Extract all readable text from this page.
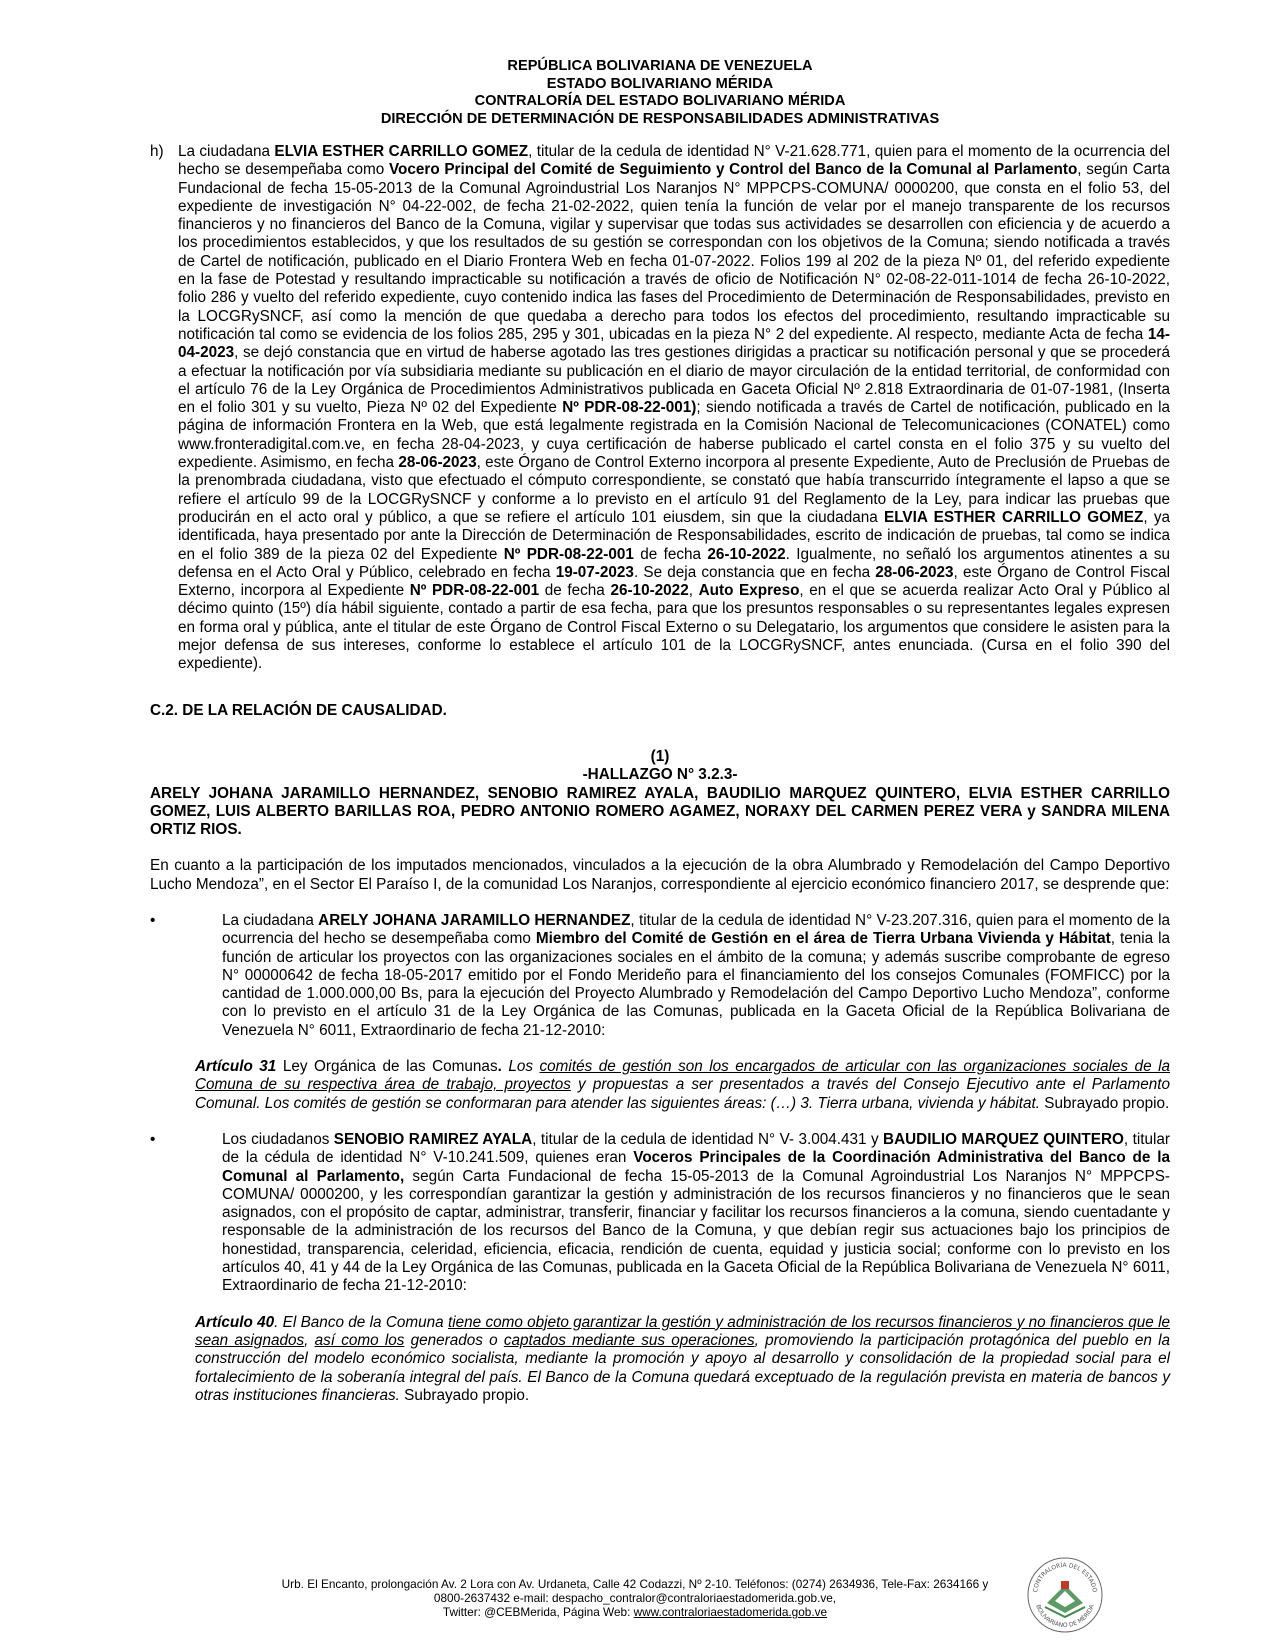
REPÚBLICA BOLIVARIANA DE VENEZUELA
ESTADO BOLIVARIANO MÉRIDA
CONTRALORÍA DEL ESTADO BOLIVARIANO MÉRIDA
DIRECCIÓN DE DETERMINACIÓN DE RESPONSABILIDADES ADMINISTRATIVAS
h) La ciudadana ELVIA ESTHER CARRILLO GOMEZ, titular de la cedula de identidad N° V-21.628.771, quien para el momento de la ocurrencia del hecho se desempeñaba como Vocero Principal del Comité de Seguimiento y Control del Banco de la Comunal al Parlamento, según Carta Fundacional de fecha 15-05-2013 de la Comunal Agroindustrial Los Naranjos N° MPPCPS-COMUNA/ 0000200, que consta en el folio 53, del expediente de investigación N° 04-22-002, de fecha 21-02-2022, quien tenía la función de velar por el manejo transparente de los recursos financieros y no financieros del Banco de la Comuna, vigilar y supervisar que todas sus actividades se desarrollen con eficiencia y de acuerdo a los procedimientos establecidos, y que los resultados de su gestión se correspondan con los objetivos de la Comuna; siendo notificada a través de Cartel de notificación, publicado en el Diario Frontera Web en fecha 01-07-2022. Folios 199 al 202 de la pieza Nº 01, del referido expediente en la fase de Potestad y resultando impracticable su notificación a través de oficio de Notificación N° 02-08-22-011-1014 de fecha 26-10-2022, folio 286 y vuelto del referido expediente, cuyo contenido indica las fases del Procedimiento de Determinación de Responsabilidades, previsto en la LOCGRySNCF, así como la mención de que quedaba a derecho para todos los efectos del procedimiento, resultando impracticable su notificación tal como se evidencia de los folios 285, 295 y 301, ubicadas en la pieza N° 2 del expediente. Al respecto, mediante Acta de fecha 14-04-2023, se dejó constancia que en virtud de haberse agotado las tres gestiones dirigidas a practicar su notificación personal y que se procederá a efectuar la notificación por vía subsidiaria mediante su publicación en el diario de mayor circulación de la entidad territorial, de conformidad con el artículo 76 de la Ley Orgánica de Procedimientos Administrativos publicada en Gaceta Oficial Nº 2.818 Extraordinaria de 01-07-1981, (Inserta en el folio 301 y su vuelto, Pieza Nº 02 del Expediente Nº PDR-08-22-001); siendo notificada a través de Cartel de notificación, publicado en la página de información Frontera en la Web, que está legalmente registrada en la Comisión Nacional de Telecomunicaciones (CONATEL) como www.fronteradigital.com.ve, en fecha 28-04-2023, y cuya certificación de haberse publicado el cartel consta en el folio 375 y su vuelto del expediente. Asimismo, en fecha 28-06-2023, este Órgano de Control Externo incorpora al presente Expediente, Auto de Preclusión de Pruebas de la prenombrada ciudadana, visto que efectuado el cómputo correspondiente, se constató que había transcurrido íntegramente el lapso a que se refiere el artículo 99 de la LOCGRySNCF y conforme a lo previsto en el artículo 91 del Reglamento de la Ley, para indicar las pruebas que producirán en el acto oral y público, a que se refiere el artículo 101 eiusdem, sin que la ciudadana ELVIA ESTHER CARRILLO GOMEZ, ya identificada, haya presentado por ante la Dirección de Determinación de Responsabilidades, escrito de indicación de pruebas, tal como se indica en el folio 389 de la pieza 02 del Expediente Nº PDR-08-22-001 de fecha 26-10-2022. Igualmente, no señaló los argumentos atinentes a su defensa en el Acto Oral y Público, celebrado en fecha 19-07-2023. Se deja constancia que en fecha 28-06-2023, este Órgano de Control Fiscal Externo, incorpora al Expediente Nº PDR-08-22-001 de fecha 26-10-2022, Auto Expreso, en el que se acuerda realizar Acto Oral y Público al décimo quinto (15º) día hábil siguiente, contado a partir de esa fecha, para que los presuntos responsables o su representantes legales expresen en forma oral y pública, ante el titular de este Órgano de Control Fiscal Externo o su Delegatario, los argumentos que considere le asisten para la mejor defensa de sus intereses, conforme lo establece el artículo 101 de la LOCGRySNCF, antes enunciada. (Cursa en el folio 390 del expediente).

C.2. DE LA RELACIÓN DE CAUSALIDAD.

(1)
-HALLAZGO N° 3.2.3-

ARELY JOHANA JARAMILLO HERNANDEZ, SENOBIO RAMIREZ AYALA, BAUDILIO MARQUEZ QUINTERO, ELVIA ESTHER CARRILLO GOMEZ, LUIS ALBERTO BARILLAS ROA, PEDRO ANTONIO ROMERO AGAMEZ, NORAXY DEL CARMEN PEREZ VERA y SANDRA MILENA ORTIZ RIOS.

En cuanto a la participación de los imputados mencionados, vinculados a la ejecución de la obra Alumbrado y Remodelación del Campo Deportivo Lucho Mendoza”, en el Sector El Paraíso I, de la comunidad Los Naranjos, correspondiente al ejercicio económico financiero 2017, se desprende que:

•	La ciudadana ARELY JOHANA JARAMILLO HERNANDEZ, titular de la cedula de identidad N° V-23.207.316, quien para el momento de la ocurrencia del hecho se desempeñaba como Miembro del Comité de Gestión en el área de Tierra Urbana Vivienda y Hábitat, tenia la función de articular los proyectos con las organizaciones sociales en el ámbito de la comuna; y además suscribe comprobante de egreso N° 00000642 de fecha 18-05-2017 emitido por el Fondo Merideño para el financiamiento del los consejos Comunales (FOMFICC) por la cantidad de 1.000.000,00 Bs, para la ejecución del Proyecto Alumbrado y Remodelación del Campo Deportivo Lucho Mendoza”, conforme con lo previsto en el artículo 31 de la Ley Orgánica de las Comunas, publicada en la Gaceta Oficial de la República Bolivariana de Venezuela N° 6011, Extraordinario de fecha 21-12-2010:

Artículo 31 Ley Orgánica de las Comunas. Los comités de gestión son los encargados de articular con las organizaciones sociales de la Comuna de su respectiva área de trabajo, proyectos y propuestas a ser presentados a través del Consejo Ejecutivo ante el Parlamento Comunal. Los comités de gestión se conformaran para atender las siguientes áreas: (…) 3. Tierra urbana, vivienda y hábitat. Subrayado propio.

•	Los ciudadanos SENOBIO RAMIREZ AYALA, titular de la cedula de identidad N° V- 3.004.431 y BAUDILIO MARQUEZ QUINTERO, titular de la cédula de identidad N° V-10.241.509, quienes eran Voceros Principales de la Coordinación Administrativa del Banco de la Comunal al Parlamento, según Carta Fundacional de fecha 15-05-2013 de la Comunal Agroindustrial Los Naranjos N° MPPCPS-COMUNA/ 0000200, y les correspondían garantizar la gestión y administración de los recursos financieros y no financieros que le sean asignados, con el propósito de captar, administrar, transferir, financiar y facilitar los recursos financieros a la comuna, siendo cuentadante y responsable de la administración de los recursos del Banco de la Comuna, y que debían regir sus actuaciones bajo los principios de honestidad, transparencia, celeridad, eficiencia, eficacia, rendición de cuenta, equidad y justicia social; conforme con lo previsto en los artículos 40, 41 y 44 de la Ley Orgánica de las Comunas, publicada en la Gaceta Oficial de la República Bolivariana de Venezuela N° 6011, Extraordinario de fecha 21-12-2010:

Artículo 40. El Banco de la Comuna tiene como objeto garantizar la gestión y administración de los recursos financieros y no financieros que le sean asignados, así como los generados o captados mediante sus operaciones, promoviendo la participación protagónica del pueblo en la construcción del modelo económico socialista, mediante la promoción y apoyo al desarrollo y consolidación de la propiedad social para el fortalecimiento de la soberanía integral del país. El Banco de la Comuna quedará exceptuado de la regulación prevista en materia de bancos y otras instituciones financieras. Subrayado propio.

Urb. El Encanto, prolongación Av. 2 Lora con Av. Urdaneta, Calle 42 Codazzi, Nº 2-10. Teléfonos: (0274) 2634936, Tele-Fax: 2634166 y
0800-2637432 e-mail: despacho_contralor@contraloriaestadomerida.gob.ve,
Twitter: @CEBMerida, Página Web: www.contraloriaestadomerida.gob.ve
CONTRALORÍA DEL ESTADO
BOLIVARIANO DE MÉRIDA
